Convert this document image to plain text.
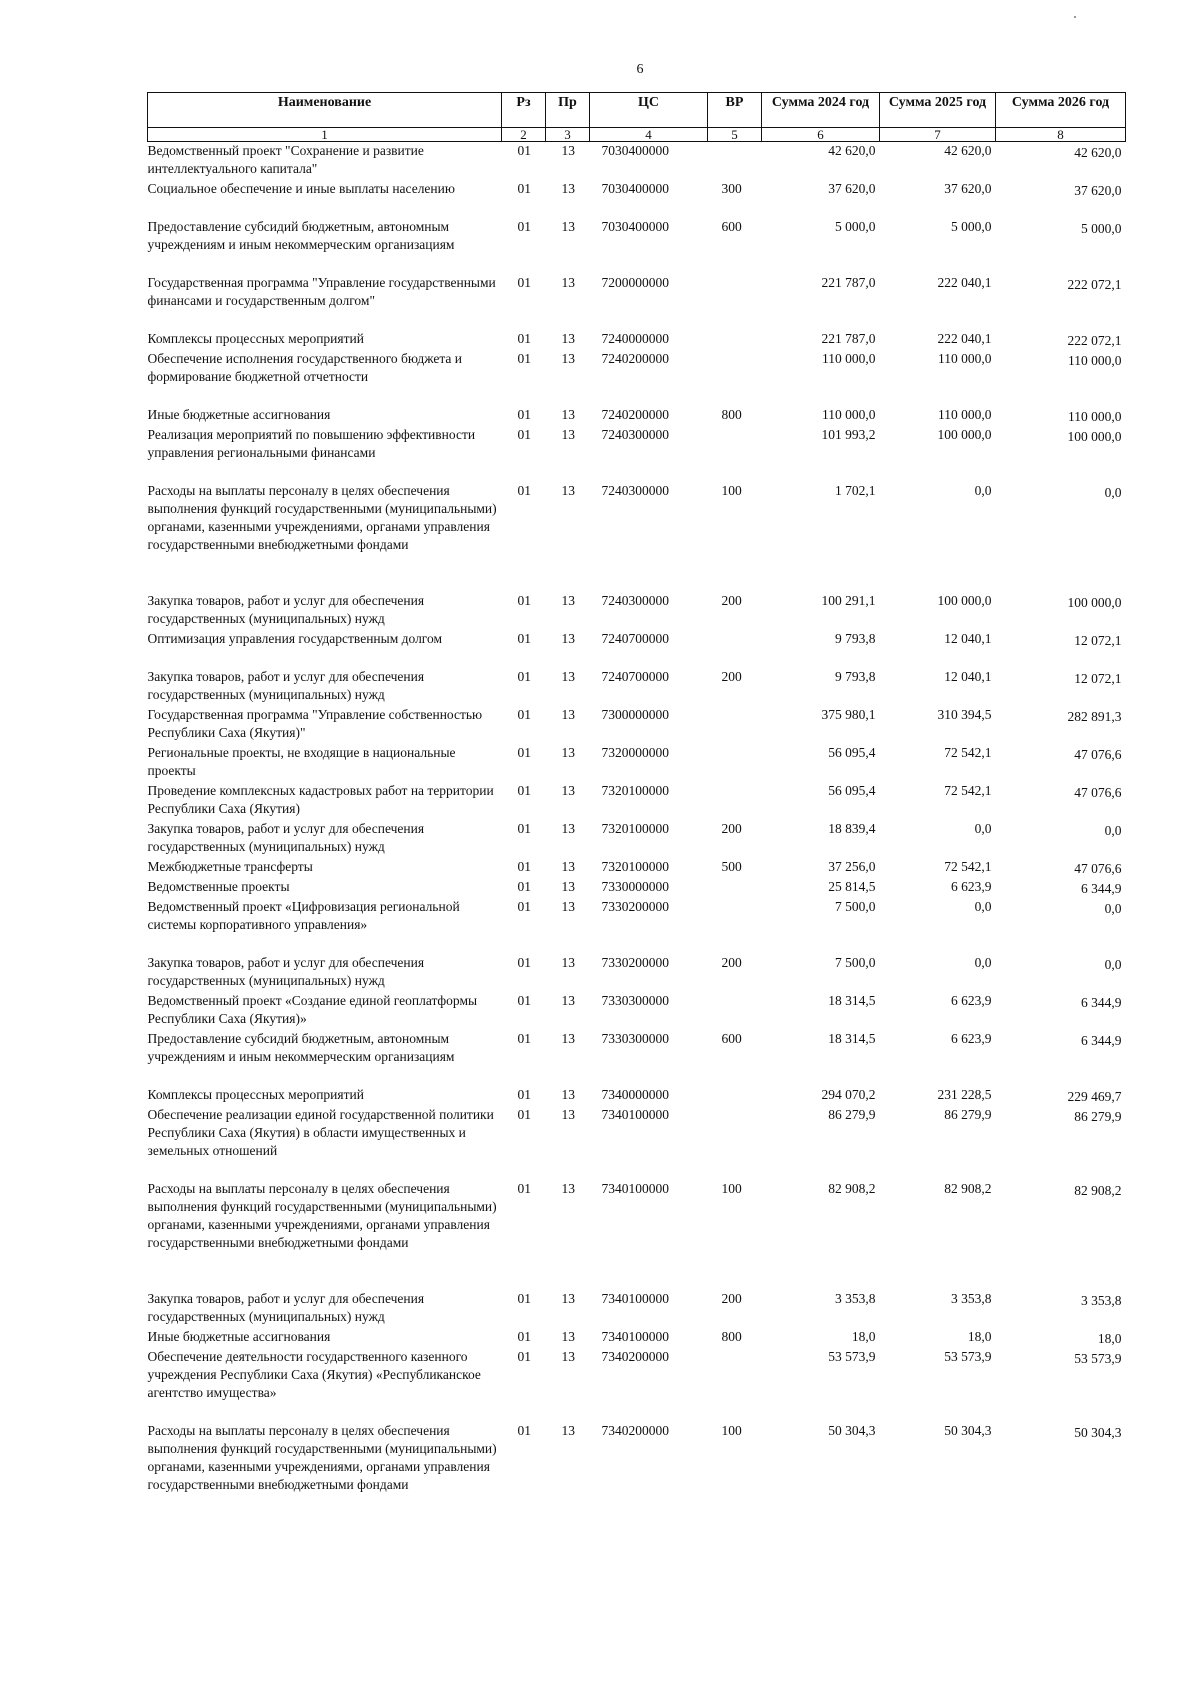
6
Наименование	Рз	Пр	ЦС	ВР	Сумма 2024 год	Сумма 2025 год	Сумма 2026 год
1	2	3	4	5	6	7	8
Ведомственный проект "Сохранение и развитие интеллектуального капитала"	01	13	7030400000		42 620,0	42 620,0	42 620,0
Социальное обеспечение и иные выплаты населению	01	13	7030400000	300	37 620,0	37 620,0	37 620,0
Предоставление субсидий бюджетным, автономным учреждениям и иным некоммерческим организациям	01	13	7030400000	600	5 000,0	5 000,0	5 000,0
Государственная программа "Управление государственными финансами и государственным долгом"	01	13	7200000000		221 787,0	222 040,1	222 072,1
Комплексы процессных мероприятий	01	13	7240000000		221 787,0	222 040,1	222 072,1
Обеспечение исполнения государственного бюджета и формирование бюджетной отчетности	01	13	7240200000		110 000,0	110 000,0	110 000,0
Иные бюджетные ассигнования	01	13	7240200000	800	110 000,0	110 000,0	110 000,0
Реализация мероприятий по повышению эффективности управления региональными финансами	01	13	7240300000		101 993,2	100 000,0	100 000,0
Расходы на выплаты персоналу в целях обеспечения выполнения функций государственными (муниципальными) органами, казенными учреждениями, органами управления государственными внебюджетными фондами	01	13	7240300000	100	1 702,1	0,0	0,0
Закупка товаров, работ и услуг для обеспечения государственных (муниципальных) нужд	01	13	7240300000	200	100 291,1	100 000,0	100 000,0
Оптимизация управления государственным долгом	01	13	7240700000		9 793,8	12 040,1	12 072,1
Закупка товаров, работ и услуг для обеспечения государственных (муниципальных) нужд	01	13	7240700000	200	9 793,8	12 040,1	12 072,1
Государственная программа "Управление собственностью Республики Саха (Якутия)"	01	13	7300000000		375 980,1	310 394,5	282 891,3
Региональные проекты, не входящие в национальные проекты	01	13	7320000000		56 095,4	72 542,1	47 076,6
Проведение комплексных кадастровых работ на территории Республики Саха (Якутия)	01	13	7320100000		56 095,4	72 542,1	47 076,6
Закупка товаров, работ и услуг для обеспечения государственных (муниципальных) нужд	01	13	7320100000	200	18 839,4	0,0	0,0
Межбюджетные трансферты	01	13	7320100000	500	37 256,0	72 542,1	47 076,6
Ведомственные проекты	01	13	7330000000		25 814,5	6 623,9	6 344,9
Ведомственный проект «Цифровизация региональной системы корпоративного управления»	01	13	7330200000		7 500,0	0,0	0,0
Закупка товаров, работ и услуг для обеспечения государственных (муниципальных) нужд	01	13	7330200000	200	7 500,0	0,0	0,0
Ведомственный проект «Создание единой геоплатформы Республики Саха (Якутия)»	01	13	7330300000		18 314,5	6 623,9	6 344,9
Предоставление субсидий бюджетным, автономным учреждениям и иным некоммерческим организациям	01	13	7330300000	600	18 314,5	6 623,9	6 344,9
Комплексы процессных мероприятий	01	13	7340000000		294 070,2	231 228,5	229 469,7
Обеспечение реализации единой государственной политики Республики Саха (Якутия) в области имущественных и земельных отношений	01	13	7340100000		86 279,9	86 279,9	86 279,9
Расходы на выплаты персоналу в целях обеспечения выполнения функций государственными (муниципальными) органами, казенными учреждениями, органами управления государственными внебюджетными фондами	01	13	7340100000	100	82 908,2	82 908,2	82 908,2
Закупка товаров, работ и услуг для обеспечения государственных (муниципальных) нужд	01	13	7340100000	200	3 353,8	3 353,8	3 353,8
Иные бюджетные ассигнования	01	13	7340100000	800	18,0	18,0	18,0
Обеспечение деятельности государственного казенного учреждения Республики Саха (Якутия) «Республиканское агентство имущества»	01	13	7340200000		53 573,9	53 573,9	53 573,9
Расходы на выплаты персоналу в целях обеспечения выполнения функций государственными (муниципальными) органами, казенными учреждениями, органами управления государственными внебюджетными фондами	01	13	7340200000	100	50 304,3	50 304,3	50 304,3
